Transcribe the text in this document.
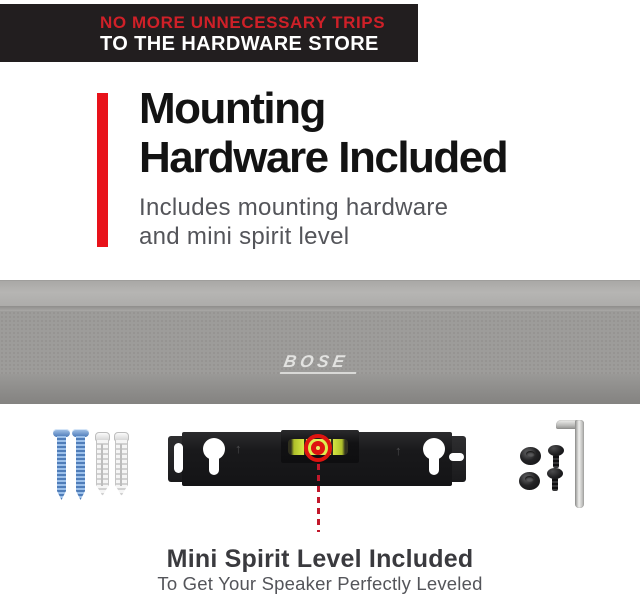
NO MORE UNNECESSARY TRIPS
TO THE HARDWARE STORE
Mounting
Hardware Included
Includes mounting hardware
and mini spirit level
BOSE
↑	↑
Mini Spirit Level Included
To Get Your Speaker Perfectly Leveled
